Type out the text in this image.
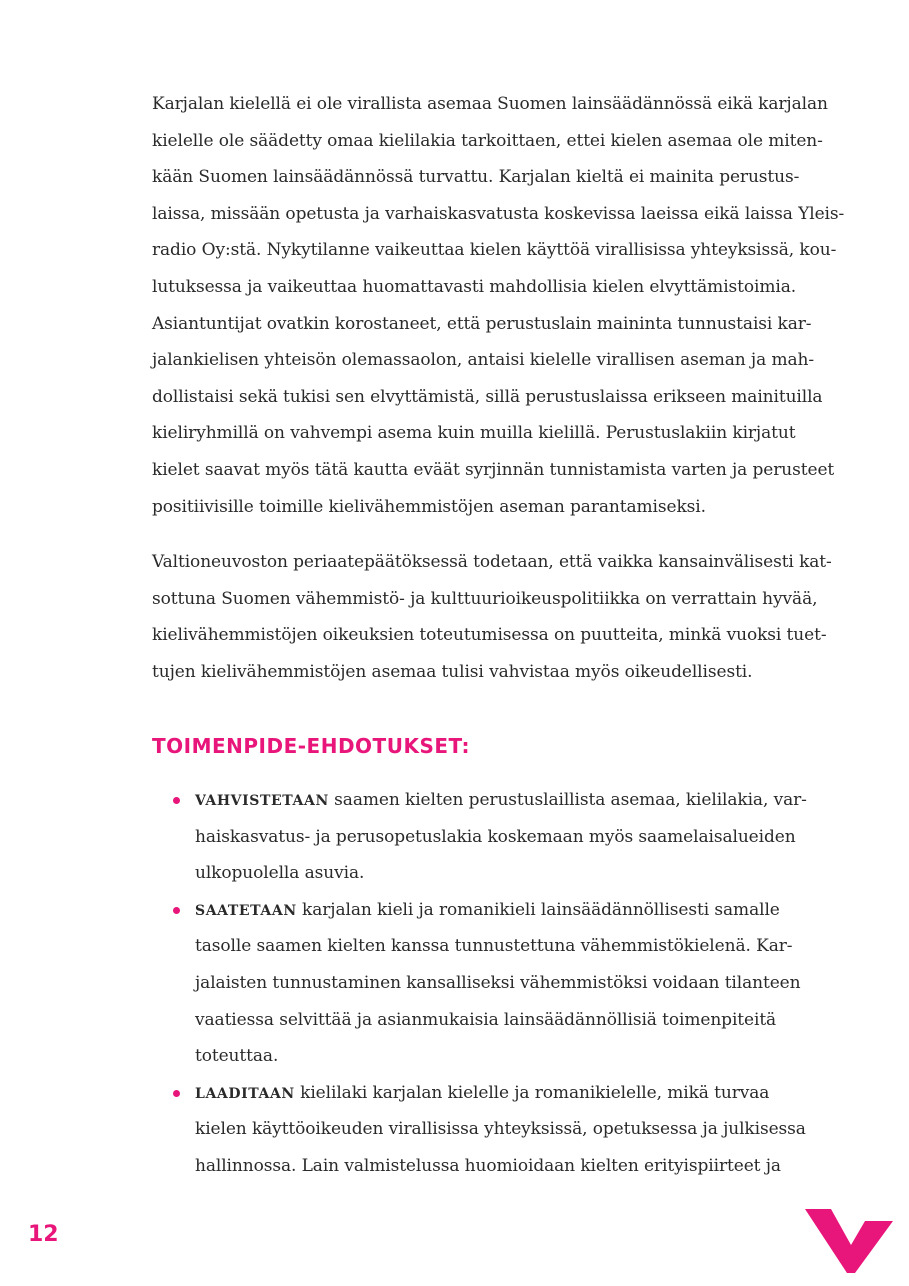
Karjalan kielellä ei ole virallista asemaa Suomen lainsäädännössä eikä karjalan
kielelle ole säädetty omaa kielilakia tarkoittaen, ettei kielen asemaa ole miten-
kään Suomen lainsäädännössä turvattu. Karjalan kieltä ei mainita perustus-
laissa, missään opetusta ja varhaiskasvatusta koskevissa laeissa eikä laissa Yleis-
radio Oy:stä. Nykytilanne vaikeuttaa kielen käyttöä virallisissa yhteyksissä, kou-
lutuksessa ja vaikeuttaa huomattavasti mahdollisia kielen elvyttämistoimia.
Asiantuntijat ovatkin korostaneet, että perustuslain maininta tunnustaisi kar-
jalankielisen yhteisön olemassaolon, antaisi kielelle virallisen aseman ja mah-
dollistaisi sekä tukisi sen elvyttämistä, sillä perustuslaissa erikseen mainituilla
kieliryhmillä on vahvempi asema kuin muilla kielillä. Perustuslakiin kirjatut
kielet saavat myös tätä kautta eväät syrjinnän tunnistamista varten ja perusteet
positiivisille toimille kielivähemmistöjen aseman parantamiseksi.
Valtioneuvoston periaatepäätöksessä todetaan, että vaikka kansainvälisesti kat-
sottuna Suomen vähemmistö- ja kulttuurioikeuspolitiikka on verrattain hyvää,
kielivähemmistöjen oikeuksien toteutumisessa on puutteita, minkä vuoksi tuet-
tujen kielivähemmistöjen asemaa tulisi vahvistaa myös oikeudellisesti.
TOIMENPIDE-EHDOTUKSET:
VAHVISTETAAN saamen kielten perustuslaillista asemaa, kielilakia, var-
haiskasvatus- ja perusopetuslakia koskemaan myös saamelaisalueiden
ulkopuolella asuvia.
SAATETAAN karjalan kieli ja romanikieli lainsäädännöllisesti samalle
tasolle saamen kielten kanssa tunnustettuna vähemmistökielenä. Kar-
jalaisten tunnustaminen kansalliseksi vähemmistöksi voidaan tilanteen
vaatiessa selvittää ja asianmukaisia lainsäädännöllisiä toimenpiteitä
toteuttaa.
LAADITAAN kielilaki karjalan kielelle ja romanikielelle, mikä turvaa
kielen käyttöoikeuden virallisissa yhteyksissä, opetuksessa ja julkisessa
hallinnossa. Lain valmistelussa huomioidaan kielten erityispiirteet ja
12
